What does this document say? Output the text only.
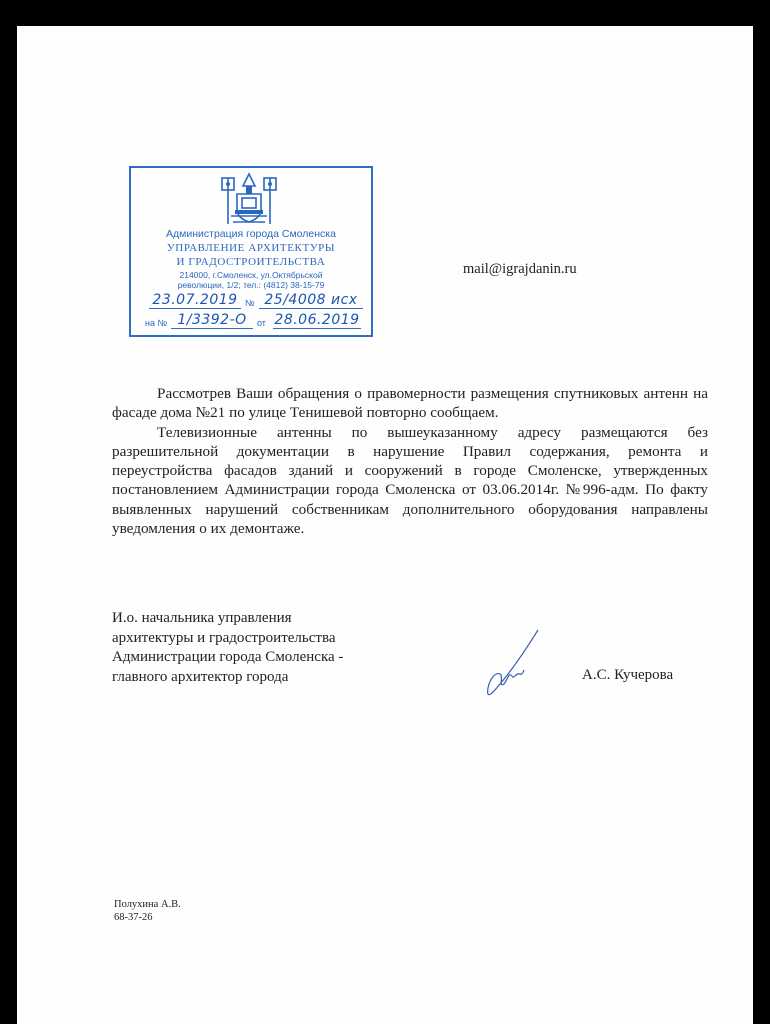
Администрация города Смоленска
УПРАВЛЕНИЕ АРХИТЕКТУРЫ
И ГРАДОСТРОИТЕЛЬСТВА
214000, г.Смоленск, ул.Октябрьской
революции, 1/2; тел.: (4812) 38-15-79
23.07.2019 № 25/4008 исх
на № 1/3392-О	от 28.06.2019
mail@igrajdanin.ru

Рассмотрев Ваши обращения о правомерности размещения спутниковых антенн на фасаде дома №21 по улице Тенишевой повторно сообщаем.

Телевизионные антенны по вышеуказанному адресу размещаются без разрешительной документации в нарушение Правил содержания, ремонта и переустройства фасадов зданий и сооружений в городе Смоленске, утвержденных постановлением Администрации города Смоленска от 03.06.2014г. №996-адм. По факту выявленных нарушений собственникам дополнительного оборудования направлены уведомления о их демонтаже.

И.о. начальника управления
архитектуры и градостроительства
Администрации города Смоленска -
главного архитектор города	А.С. Кучерова
Полухина А.В.
68-37-26
